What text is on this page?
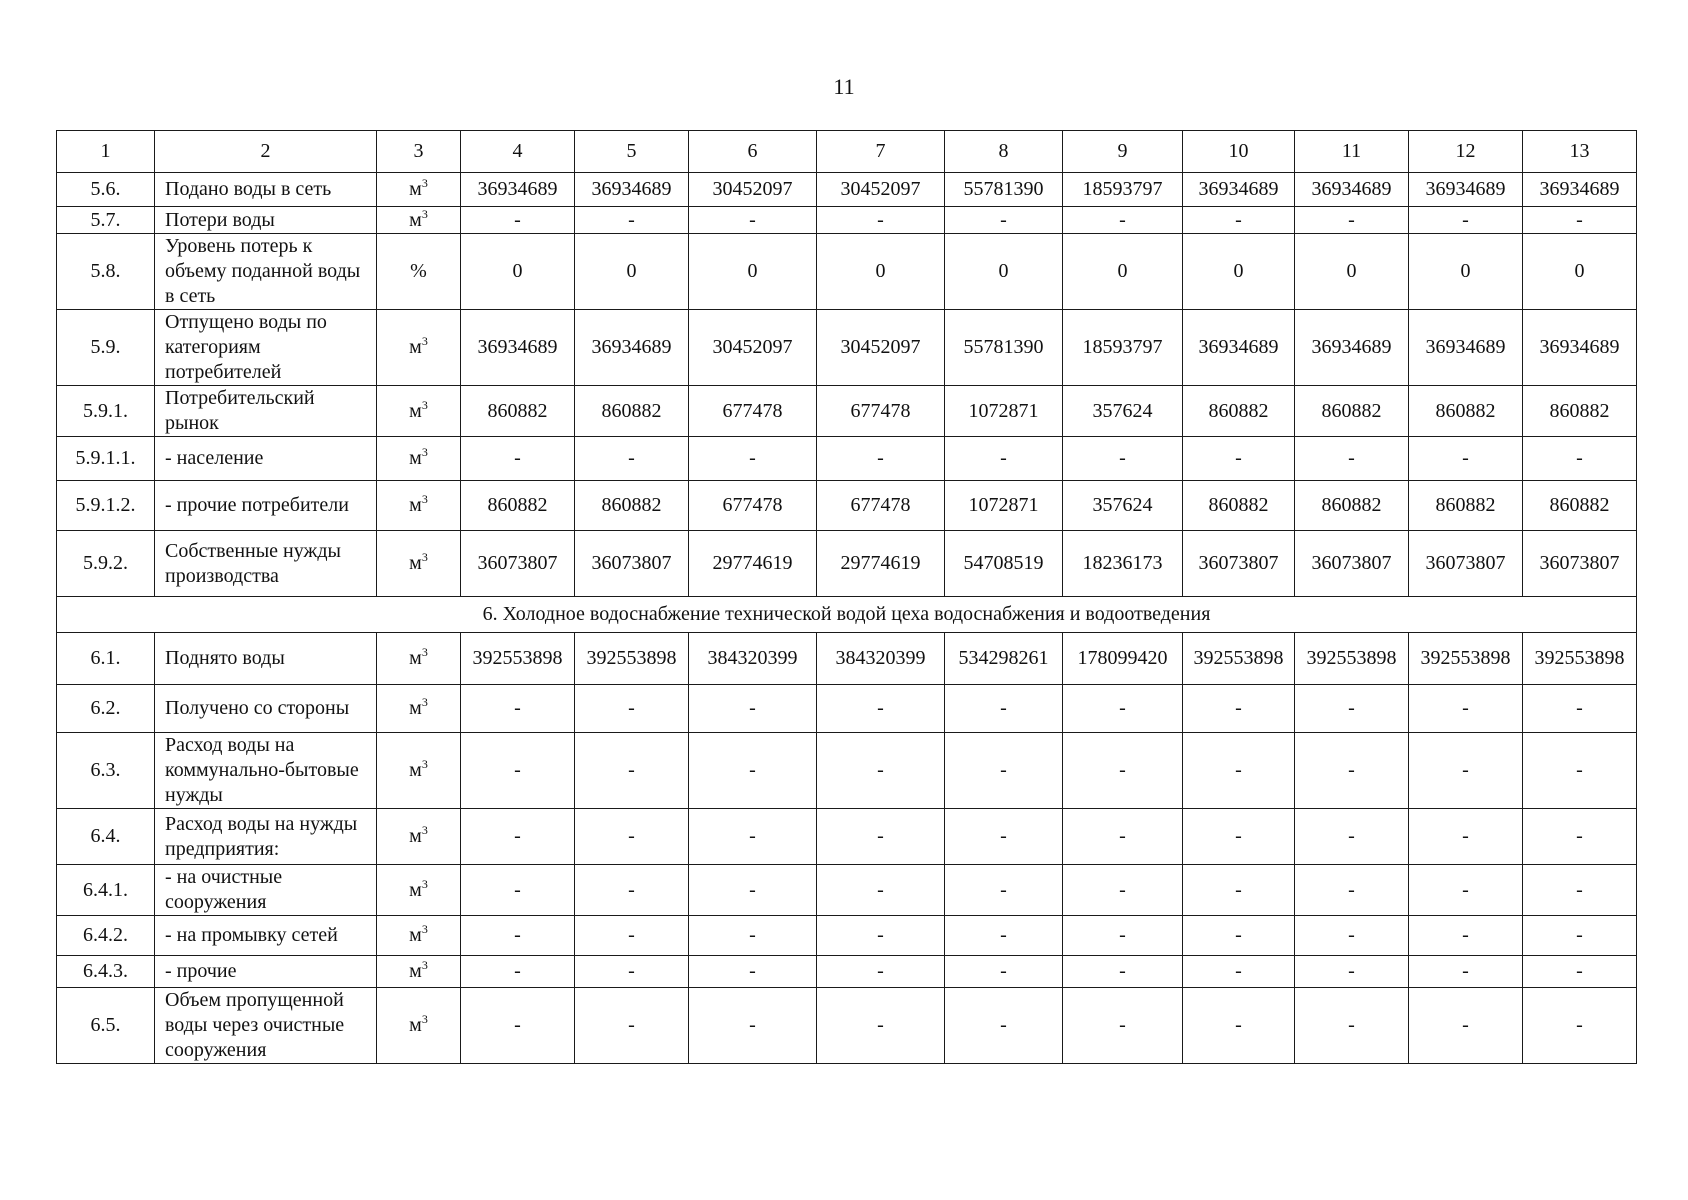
11
1	2	3	4	5	6	7	8	9	10	11	12	13
5.6.	Подано воды в сеть	$м^3$	36934689	36934689	30452097	30452097	55781390	18593797	36934689	36934689	36934689	36934689
5.7.	Потери воды	$м^3$	-	-	-	-	-	-	-	-	-	-
5.8.	Уровень потерь к объему поданной воды в сеть	%	0	0	0	0	0	0	0	0	0	0
5.9.	Отпущено воды по категориям потребителей	$м^3$	36934689	36934689	30452097	30452097	55781390	18593797	36934689	36934689	36934689	36934689
5.9.1.	Потребительский рынок	$м^3$	860882	860882	677478	677478	1072871	357624	860882	860882	860882	860882
5.9.1.1.	- население	$м^3$	-	-	-	-	-	-	-	-	-	-
5.9.1.2.	- прочие потребители	$м^3$	860882	860882	677478	677478	1072871	357624	860882	860882	860882	860882
5.9.2.	Собственные нужды производства	$м^3$	36073807	36073807	29774619	29774619	54708519	18236173	36073807	36073807	36073807	36073807
6. Холодное водоснабжение технической водой цеха водоснабжения и водоотведения												
6.1.	Поднято воды	$м^3$	392553898	392553898	384320399	384320399	534298261	178099420	392553898	392553898	392553898	392553898
6.2.	Получено со стороны	$м^3$	-	-	-	-	-	-	-	-	-	-
6.3.	Расход воды на коммунально-бытовые нужды	$м^3$	-	-	-	-	-	-	-	-	-	-
6.4.	Расход воды на нужды предприятия:	$м^3$	-	-	-	-	-	-	-	-	-	-
6.4.1.	- на очистные сооружения	$м^3$	-	-	-	-	-	-	-	-	-	-
6.4.2.	- на промывку сетей	$м^3$	-	-	-	-	-	-	-	-	-	-
6.4.3.	- прочие	$м^3$	-	-	-	-	-	-	-	-	-	-
6.5.	Объем пропущенной воды через очистные сооружения	$м^3$	-	-	-	-	-	-	-	-	-	-
